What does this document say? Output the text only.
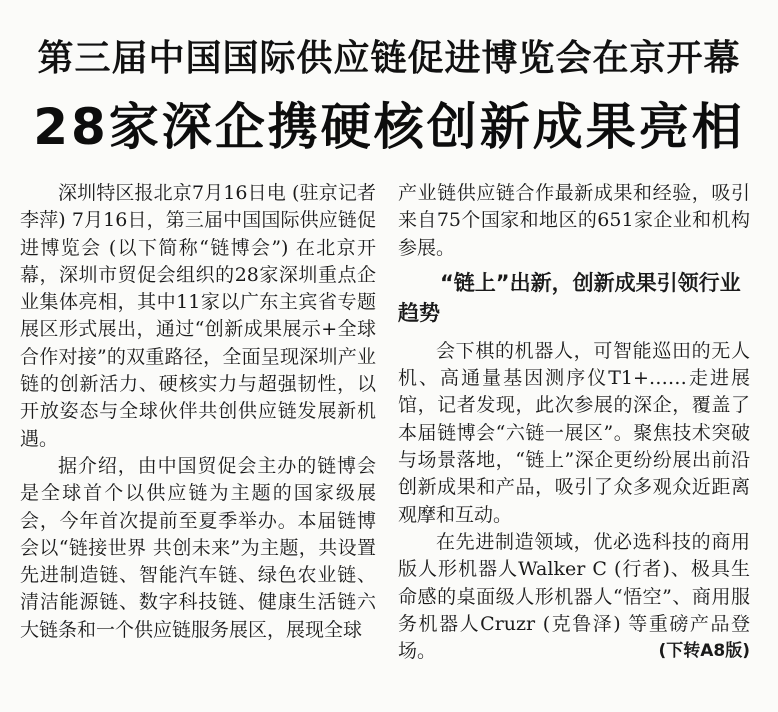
第三届中国国际供应链促进博览会在京开幕
28家深企携硬核创新成果亮相

深圳特区报北京7月16日电 (驻京记者 李萍) 7月16日，第三届中国国际供应链促进博览会 (以下简称“链博会”) 在北京开幕，深圳市贸促会组织的28家深圳重点企业集体亮相，其中11家以广东主宾省专题展区形式展出，通过“创新成果展示+全球合作对接”的双重路径，全面呈现深圳产业链的创新活力、硬核实力与超强韧性，以开放姿态与全球伙伴共创供应链发展新机遇。

据介绍，由中国贸促会主办的链博会是全球首个以供应链为主题的国家级展会，今年首次提前至夏季举办。本届链博会以“链接世界 共创未来”为主题，共设置先进制造链、智能汽车链、绿色农业链、清洁能源链、数字科技链、健康生活链六大链条和一个供应链服务展区，展现全球

产业链供应链合作最新成果和经验，吸引来自75个国家和地区的651家企业和机构参展。

“链上”出新，创新成果引领行业趋势

会下棋的机器人，可智能巡田的无人机、高通量基因测序仪T1+……走进展馆，记者发现，此次参展的深企，覆盖了本届链博会“六链一展区”。聚焦技术突破与场景落地，“链上”深企更纷纷展出前沿创新成果和产品，吸引了众多观众近距离观摩和互动。

在先进制造领域，优必选科技的商用版人形机器人Walker C (行者)、极具生命感的桌面级人形机器人“悟空”、商用服务机器人Cruzr (克鲁泽) 等重磅产品登场。	(下转A8版)
